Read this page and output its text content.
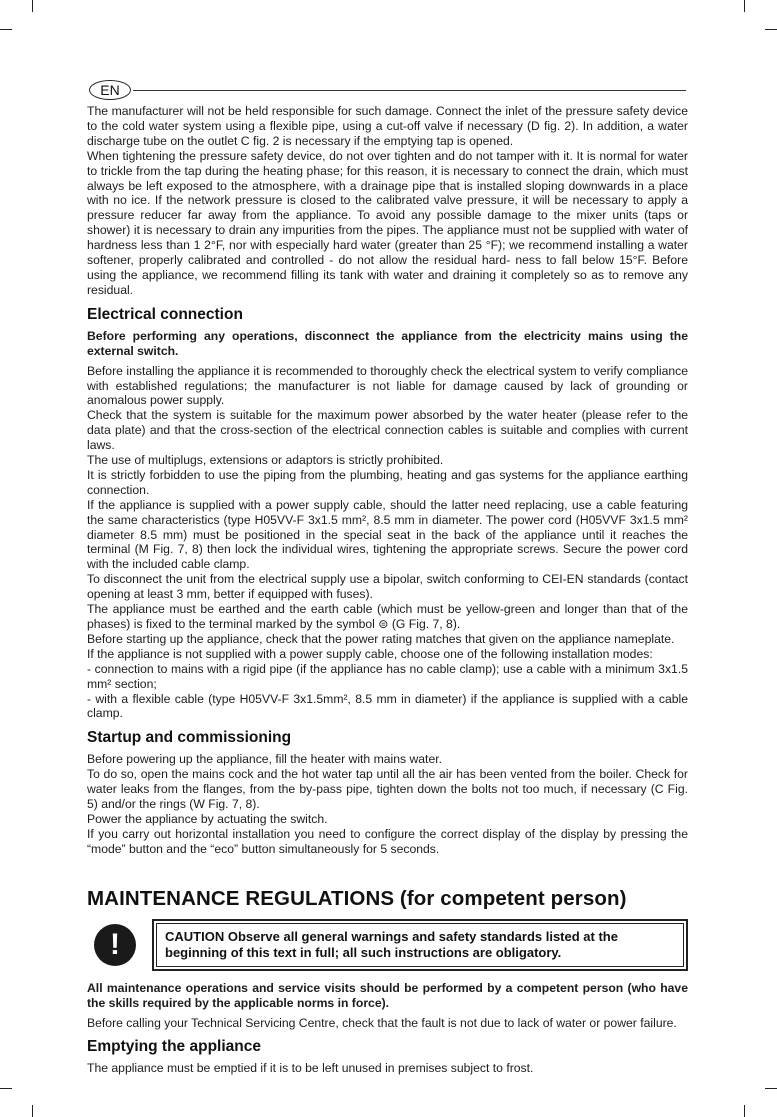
EN

The manufacturer will not be held responsible for such damage. Connect the inlet of the pressure safety device to the cold water system using a flexible pipe, using a cut-off valve if necessary (D fig. 2). In addition, a water discharge tube on the outlet C fig. 2 is necessary if the emptying tap is opened.

When tightening the pressure safety device, do not over tighten and do not tamper with it. It is normal for water to trickle from the tap during the heating phase; for this reason, it is necessary to connect the drain, which must always be left exposed to the atmosphere, with a drainage pipe that is installed sloping downwards in a place with no ice. If the network pressure is closed to the calibrated valve pressure, it will be necessary to apply a pressure reducer far away from the appliance. To avoid any possible damage to the mixer units (taps or shower) it is necessary to drain any impurities from the pipes. The appliance must not be supplied with water of hardness less than 1 2°F, nor with especially hard water (greater than 25 °F); we recommend installing a water softener, properly calibrated and controlled - do not allow the residual hard- ness to fall below 15°F. Before using the appliance, we recommend filling its tank with water and draining it completely so as to remove any residual.

Electrical connection

Before performing any operations, disconnect the appliance from the electricity mains using the external switch.

Before installing the appliance it is recommended to thoroughly check the electrical system to verify compliance with established regulations; the manufacturer is not liable for damage caused by lack of grounding or anomalous power supply.

Check that the system is suitable for the maximum power absorbed by the water heater (please refer to the data plate) and that the cross-section of the electrical connection cables is suitable and complies with current laws.

The use of multiplugs, extensions or adaptors is strictly prohibited.

It is strictly forbidden to use the piping from the plumbing, heating and gas systems for the appliance earthing connection.

If the appliance is supplied with a power supply cable, should the latter need replacing, use a cable featuring the same characteristics (type H05VV-F 3x1.5 mm², 8.5 mm in diameter. The power cord (H05VVF 3x1.5 mm² diameter 8.5 mm) must be positioned in the special seat in the back of the appliance until it reaches the terminal (M Fig. 7, 8) then lock the individual wires, tightening the appropriate screws. Secure the power cord with the included cable clamp.

To disconnect the unit from the electrical supply use a bipolar, switch conforming to CEI-EN standards (contact opening at least 3 mm, better if equipped with fuses).

The appliance must be earthed and the earth cable (which must be yellow-green and longer than that of the phases) is fixed to the terminal marked by the symbol ⊜ (G Fig. 7, 8).

Before starting up the appliance, check that the power rating matches that given on the appliance nameplate.

If the appliance is not supplied with a power supply cable, choose one of the following installation modes:

- connection to mains with a rigid pipe (if the appliance has no cable clamp); use a cable with a minimum 3x1.5 mm² section;

- with a flexible cable (type H05VV-F 3x1.5mm², 8.5 mm in diameter) if the appliance is supplied with a cable clamp.

Startup and commissioning

Before powering up the appliance, fill the heater with mains water.

To do so, open the mains cock and the hot water tap until all the air has been vented from the boiler. Check for water leaks from the flanges, from the by-pass pipe, tighten down the bolts not too much, if necessary (C Fig. 5) and/or the rings (W Fig. 7, 8).

Power the appliance by actuating the switch.

If you carry out horizontal installation you need to configure the correct display of the display by pressing the “mode” button and the “eco” button simultaneously for 5 seconds.

MAINTENANCE REGULATIONS (for competent person)
!	CAUTION Observe all general warnings and safety standards listed at the beginning of this text in full; all such instructions are obligatory.

All maintenance operations and service visits should be performed by a competent person (who have the skills required by the applicable norms in force).

Before calling your Technical Servicing Centre, check that the fault is not due to lack of water or power failure.

Emptying the appliance

The appliance must be emptied if it is to be left unused in premises subject to frost.
